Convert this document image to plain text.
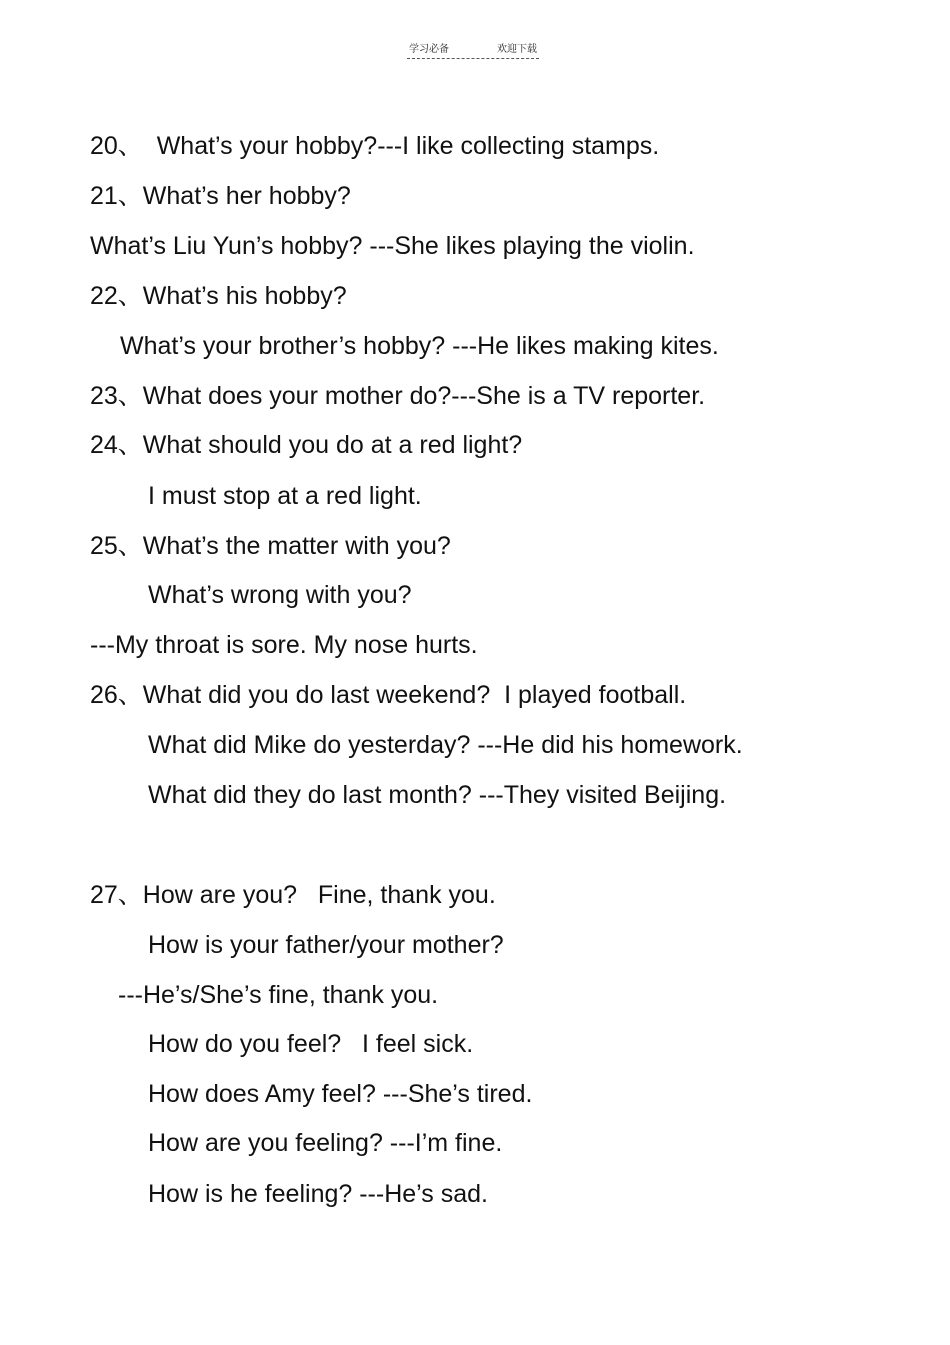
学习必备	欢迎下载
20、  What’s your hobby?---I like collecting stamps.
21、What’s her hobby?
What’s Liu Yun’s hobby? ---She likes playing the violin.
22、What’s his hobby?
What’s your brother’s hobby? ---He likes making kites.
23、What does your mother do?---She is a TV reporter.
24、What should you do at a red light?
I must stop at a red light.
25、What’s the matter with you?
What’s wrong with you?
---My throat is sore. My nose hurts.
26、What did you do last weekend?  I played football.
What did Mike do yesterday? ---He did his homework.
What did they do last month? ---They visited Beijing.
27、How are you?   Fine, thank you.
How is your father/your mother?
---He’s/She’s fine, thank you.
How do you feel?   I feel sick.
How does Amy feel? ---She’s tired.
How are you feeling? ---I’m fine.
How is he feeling? ---He’s sad.
